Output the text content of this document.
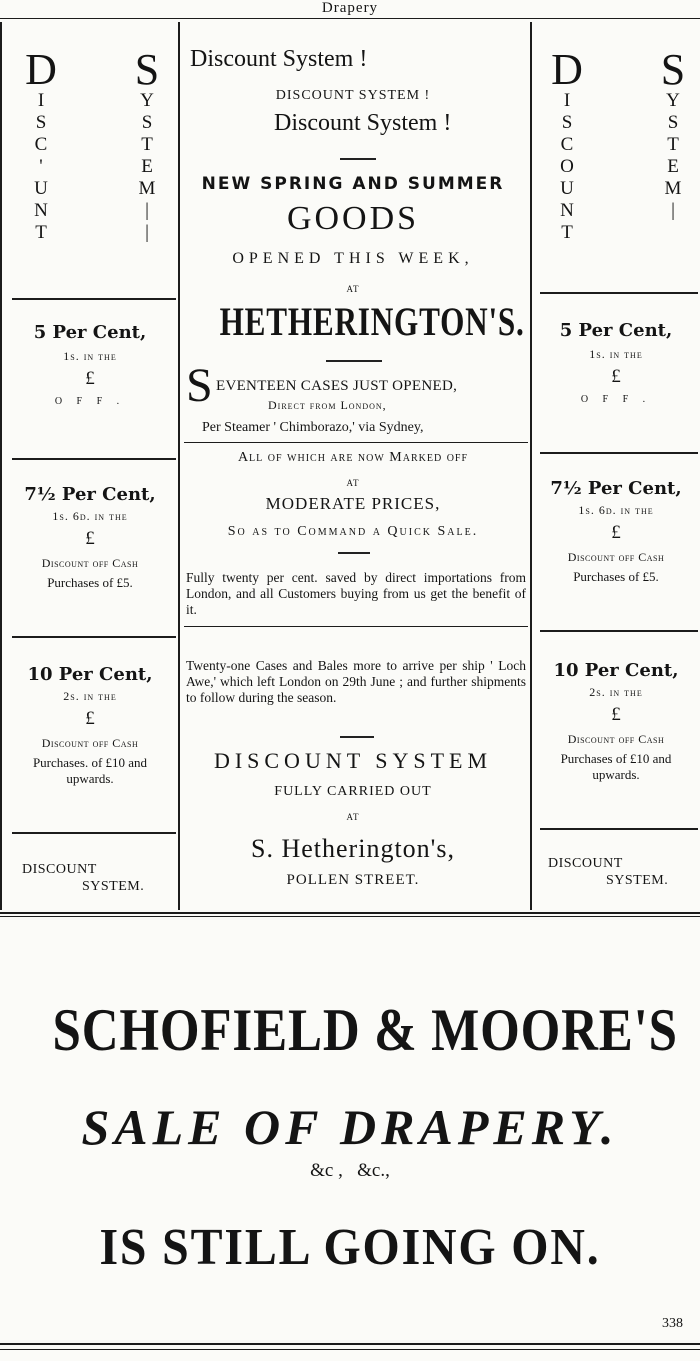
Drapery
D
I
S
C
'
U
N
T
S
Y
S
T
E
M
|
|
5 Per Cent,
1s. in the
£
O F F .
7½ Per Cent,
1s. 6d. in the
£
Discount off Cash
Purchases of £5.
10 Per Cent,
2s. in the
£
Discount off Cash
Purchases. of £10 and
upwards.
DISCOUNT
SYSTEM.
D
I
S
C
O
U
N
T
S
Y
S
T
E
M
|
5 Per Cent,
1s. in the
£
O F F .
7½ Per Cent,
1s. 6d. in the
£
Discount off Cash
Purchases of £5.
10 Per Cent,
2s. in the
£
Discount off Cash
Purchases of £10 and
upwards.
DISCOUNT
SYSTEM.
Discount System !
DISCOUNT SYSTEM !
Discount System !
NEW SPRING AND SUMMER
GOODS
OPENED THIS WEEK,
AT
HETHERINGTON'S.
S EVENTEEN CASES JUST OPENED,
Direct from London,
Per Steamer ' Chimborazo,' via Sydney,
All of which are now Marked off
AT
MODERATE PRICES,
So as to Command a Quick Sale.
Fully twenty per cent. saved by direct importations from London, and all Customers buying from us get the benefit of it.
Twenty-one Cases and Bales more to arrive per ship ' Loch Awe,' which left London on 29th June ; and further shipments to follow during the season.
DISCOUNT SYSTEM
FULLY CARRIED OUT
AT
S. Hetherington's,
POLLEN STREET.
SCHOFIELD & MOORE'S
SALE OF DRAPERY.
&c ,   &c.,
IS STILL GOING ON.
338
